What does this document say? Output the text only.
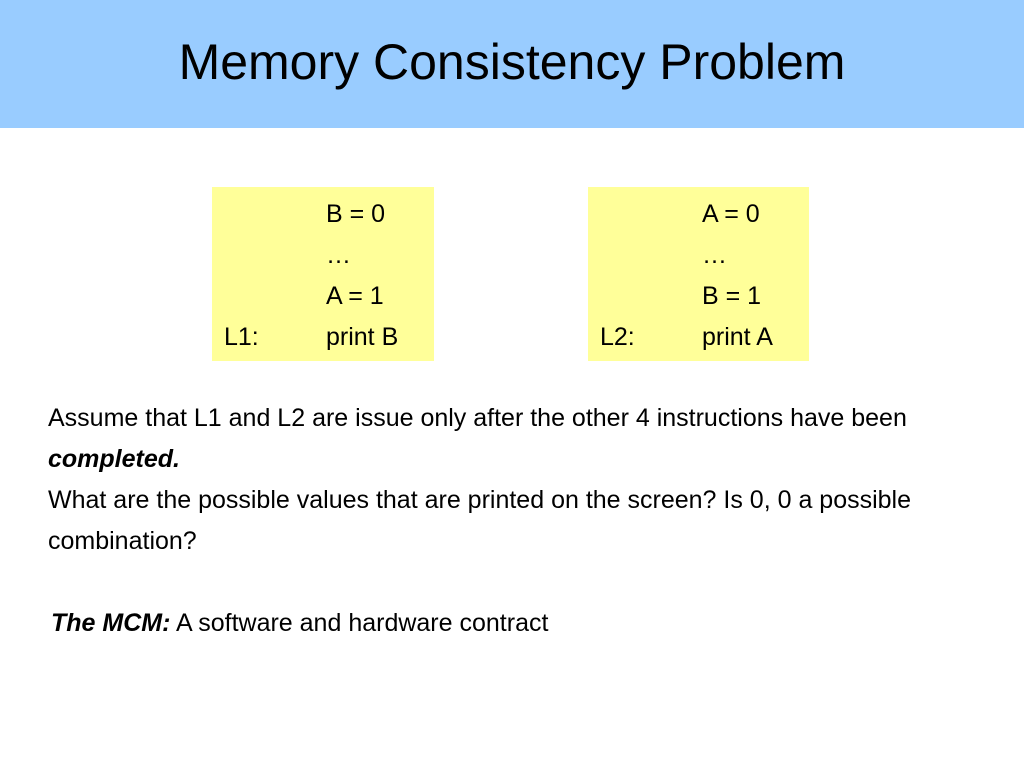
Memory Consistency Problem
B = 0
…
A = 1
L1:	print B
A = 0
…
B = 1
L2:	print A

Assume that L1 and L2 are issue only after the other 4 instructions have been completed.

What are the possible values that are printed on the screen? Is 0, 0 a possible combination?

The MCM: A software and hardware contract
